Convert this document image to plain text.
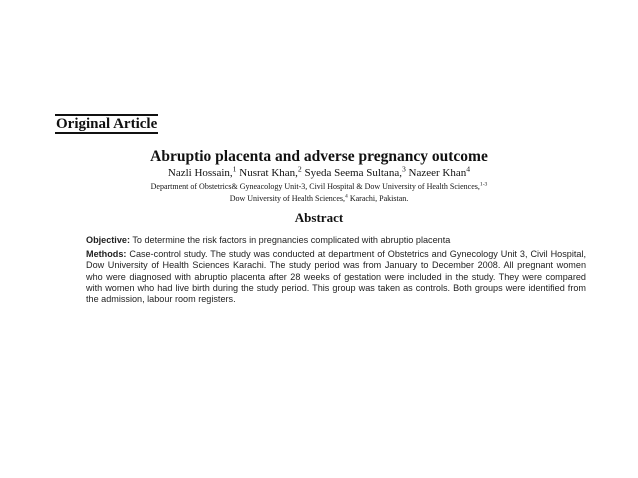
Original Article
Abruptio placenta and adverse pregnancy outcome
Nazli Hossain,$^1$ Nusrat Khan,$^2$ Syeda Seema Sultana,$^3$ Nazeer Khan$^4$
Department of Obstetrics& Gyneacology Unit-3, Civil Hospital & Dow University of Health Sciences,$^{1-3}$
Dow University of Health Sciences,$^4$ Karachi, Pakistan.
Abstract
Objective: To determine the risk factors in pregnancies complicated with abruptio placenta
Methods: Case-control study. The study was conducted at department of Obstetrics and Gynecology Unit 3, Civil Hospital, Dow University of Health Sciences Karachi. The study period was from January to December 2008. All pregnant women who were diagnosed with abruptio placenta after 28 weeks of gestation were included in the study. They were compared with women who had live birth during the study period. This group was taken as controls. Both groups were identified from the admission, labour room registers.
